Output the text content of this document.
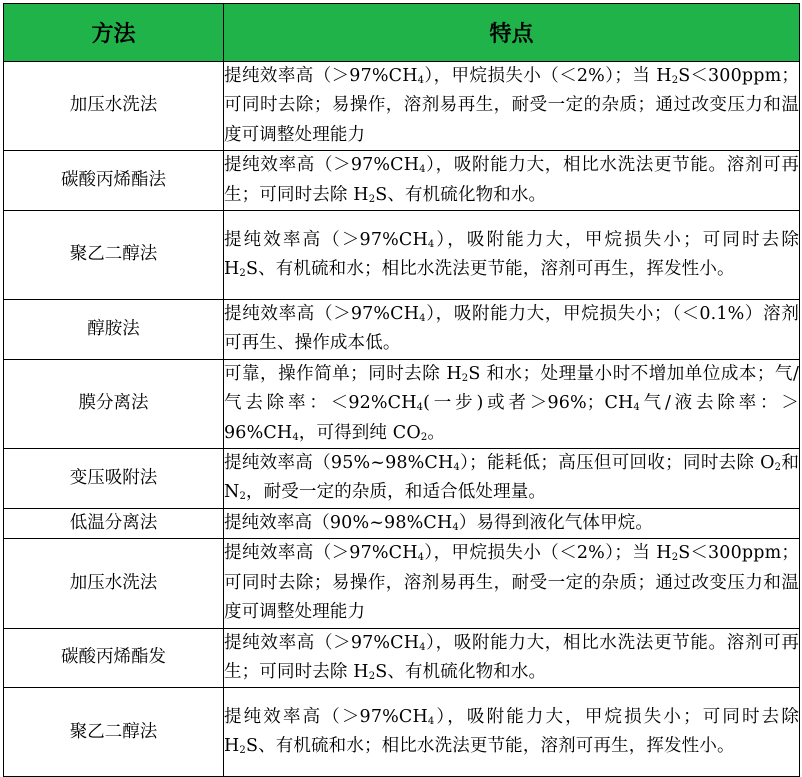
方法	特点
加压水洗法	提纯效率高$(>97\%CH_4)$，甲烷损失小（＜2%）；当 $H_2S<300ppm$；可同时去除；易操作，溶剂易再生，耐受一定的杂质；通过改变压力和温度可调整处理能力
碳酸丙烯酯法	提纯效率高$(>97\%CH_4)$，吸附能力大，相比水洗法更节能。溶剂可再生；可同时去除 $H_2S$、有机硫化物和水。
聚乙二醇法	提纯效率高$(>97\%CH_4)$，吸附能力大，甲烷损失小；可同时去除 $H_2S$、有机硫和水；相比水洗法更节能，溶剂可再生，挥发性小。
醇胺法	提纯效率高$(>97\%CH_4)$，吸附能力大，甲烷损失小；（＜0.1%）溶剂可再生、操作成本低。
膜分离法	可靠，操作简单；同时去除 $H_2S$ 和水；处理量小时不增加单位成本；气/气去除率：$<92\%CH_4$(一步)或者＞96%；$CH_4$气/液去除率：$>96\%CH_4$，可得到纯 $CO_2$。
变压吸附法	提纯效率高$(95\%\sim 98\%CH_4)$；能耗低；高压但可回收；同时去除 $O_2$和 $N_2$，耐受一定的杂质，和适合低处理量。
低温分离法	提纯效率高$(90\%\sim 98\%CH_4)$易得到液化气体甲烷。
加压水洗法	提纯效率高$(>97\%CH_4)$，甲烷损失小（＜2%）；当 $H_2S<300ppm$；可同时去除；易操作，溶剂易再生，耐受一定的杂质；通过改变压力和温度可调整处理能力
碳酸丙烯酯发	提纯效率高$(>97\%CH_4)$，吸附能力大，相比水洗法更节能。溶剂可再生；可同时去除 $H_2S$、有机硫化物和水。
聚乙二醇法	提纯效率高$(>97\%CH_4)$，吸附能力大，甲烷损失小；可同时去除 $H_2S$、有机硫和水；相比水洗法更节能，溶剂可再生，挥发性小。
